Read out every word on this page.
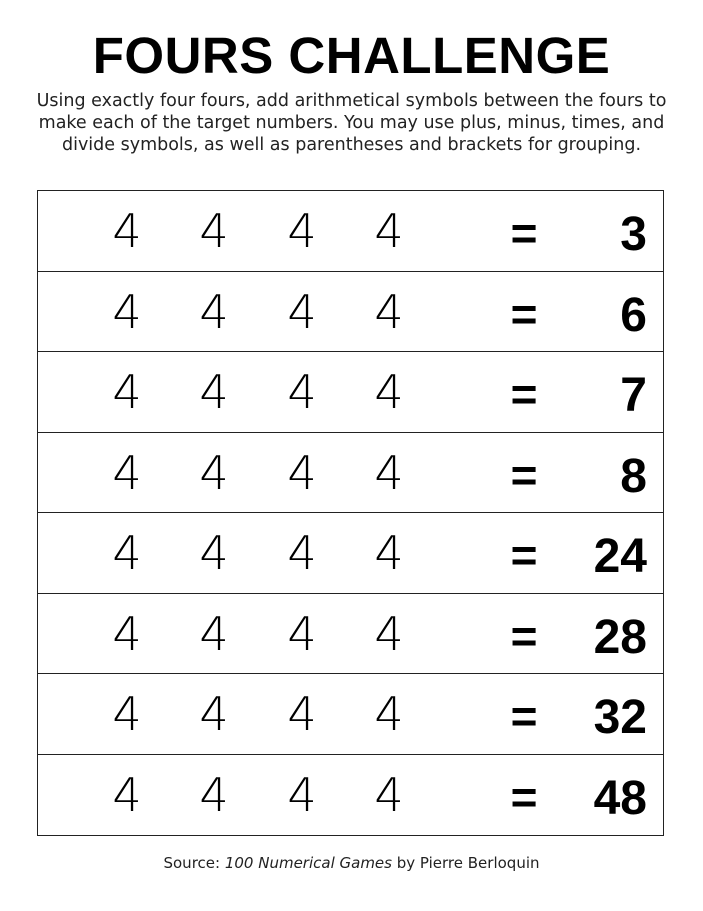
FOURS CHALLENGE

Using exactly four fours, add arithmetical symbols between the fours to make each of the target numbers. You may use plus, minus, times, and divide symbols, as well as parentheses and brackets for grouping.

4 4 4 4 = 3
4 4 4 4 = 6
4 4 4 4 = 7
4 4 4 4 = 8
4 4 4 4 = 24
4 4 4 4 = 28
4 4 4 4 = 32
4 4 4 4 = 48
Source: 100 Numerical Games by Pierre Berloquin
